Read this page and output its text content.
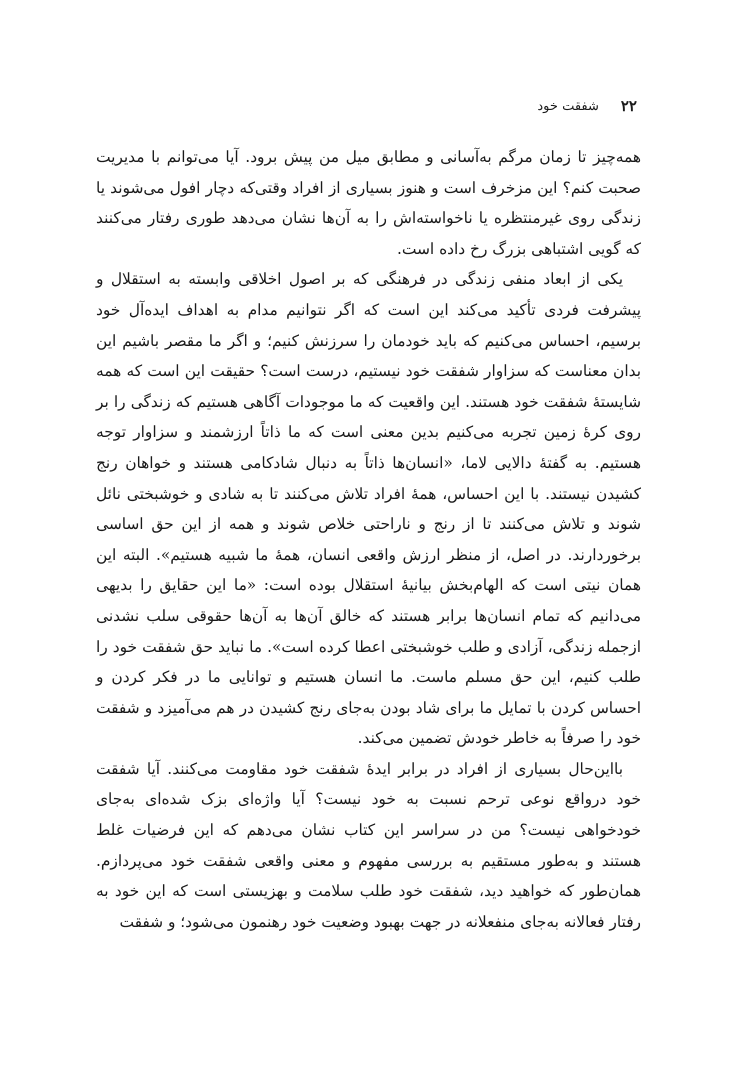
۲۲
شفقت خود

همه‌چیز تا زمان مرگم به‌آسانی و مطابق میل من پیش برود. آیا می‌توانم با مدیریت صحبت کنم؟ این مزخرف است و هنوز بسیاری از افراد وقتی‌که دچار افول می‌شوند یا زندگی روی غیرمنتظره یا ناخواسته‌اش را به آن‌ها نشان می‌دهد طوری رفتار می‌کنند که گویی اشتباهی بزرگ رخ داده است.

یکی از ابعاد منفی زندگی در فرهنگی که بر اصول اخلاقی وابسته به استقلال و پیشرفت فردی تأکید می‌کند این است که اگر نتوانیم مدام به اهداف ایده‌آل خود برسیم، احساس می‌کنیم که باید خودمان را سرزنش کنیم؛ و اگر ما مقصر باشیم این بدان معناست که سزاوار شفقت خود نیستیم، درست است؟ حقیقت این است که همه شایستهٔ شفقت خود هستند. این واقعیت که ما موجودات آگاهی هستیم که زندگی را بر روی کرهٔ زمین تجربه می‌کنیم بدین معنی است که ما ذاتاً ارزشمند و سزاوار توجه هستیم. به گفتهٔ دالایی لاما، «انسان‌ها ذاتاً به دنبال شادکامی هستند و خواهان رنج کشیدن نیستند. با این احساس، همهٔ افراد تلاش می‌کنند تا به شادی و خوشبختی نائل شوند و تلاش می‌کنند تا از رنج و ناراحتی خلاص شوند و همه از این حق اساسی برخوردارند. در اصل، از منظر ارزش واقعی انسان، همهٔ ما شبیه هستیم». البته این همان نیتی است که الهام‌بخش بیانیهٔ استقلال بوده است: «ما این حقایق را بدیهی می‌دانیم که تمام انسان‌ها برابر هستند که خالق آن‌ها به آن‌ها حقوقی سلب نشدنی ازجمله زندگی، آزادی و طلب خوشبختی اعطا کرده است». ما نباید حق شفقت خود را طلب کنیم، این حق مسلم ماست. ما انسان هستیم و توانایی ما در فکر کردن و احساس کردن با تمایل ما برای شاد بودن به‌جای رنج کشیدن در هم می‌آمیزد و شفقت خود را صرفاً به خاطر خودش تضمین می‌کند.

بااین‌حال بسیاری از افراد در برابر ایدهٔ شفقت خود مقاومت می‌کنند. آیا شفقت خود درواقع نوعی ترحم نسبت به خود نیست؟ آیا واژه‌ای بزک شده‌ای به‌جای خودخواهی نیست؟ من در سراسر این کتاب نشان می‌دهم که این فرضیات غلط هستند و به‌طور مستقیم به بررسی مفهوم و معنی واقعی شفقت خود می‌پردازم. همان‌طور که خواهید دید، شفقت خود طلب سلامت و بهزیستی است که این خود به رفتار فعالانه به‌جای منفعلانه در جهت بهبود وضعیت خود رهنمون می‌شود؛ و شفقت
